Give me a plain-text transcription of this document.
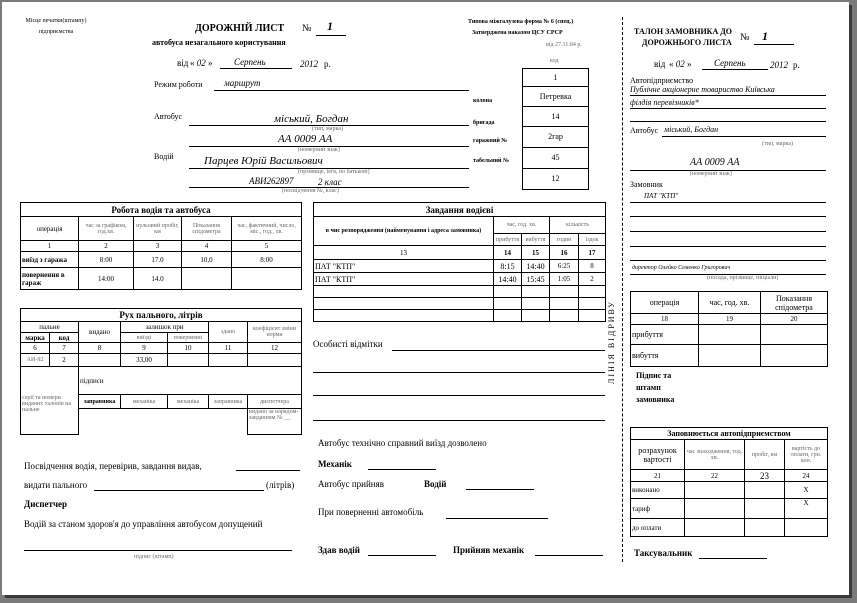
Місце печатки(штампу)
підприємства	ДОРОЖНІЙ ЛИСТ № 1
автобуса незагального користування
Типова міжгалузева форма № 6 (спец.)
Затверджена наказом ЦСУ СРСР
від 27.11.84 р.
код
від « 02 » Серпень	2012 р.
Режим роботи маршрут
Автобус	міський, Богдан
(тип, марка)
АА 0009 АА
(номерний знак)
Водій	Парцев Юрій Васильович
(прізвище, ім'я, по батькові)
АВИ262897	2 клас
(посвідчення №, клас)
колона
бригада
гаражний №
табельний №
1
Петревка
14
2гар
45
12
Робота водія та автобуса				
операція	час за графіком, год.хв.	нульовий пробіг, км	Показання спідометра	час, фактичний, число, міс., год., хв.
1	2	3	4	5
виїзд з гаража	8:00	17.0	10,0	8:00
повернення в гараж	14:00	14.0		
Рух пального, літрів						
пальне		видано	залишок при		здано	коефіцієнт зміни норми
марка	код		виїзді	поверненні		
6	7	8	9	10	11	12
АИ-92	2		33,00			
		підписи				
серії та номери виданих талонів на пальне		заправника	механіка	механіка	заправника	диспетчера
						видано за нарядом-завданням № __
Завдання водієві				
в чиє розпорядження (найменування і адреса замовника)	час, год. хв.		кількість	
	прибуття	вибуття	годин	їздок
13	14	15	16	17
ПАТ "КТП"	8:15	14:40	6:25	8
ПАТ "КТП"	14:40	15:45	1:05	2

Особисті відмітки
Посвідчення водія, перевірив, завдання видав,
видати пального	(літрів)
Диспетчер
Водій за станом здоров'я до управління автобусом допущений
підпис (штамп)
Автобус технічно справний виїзд дозволено
Механік
Автобус прийняв	Водій
При поверненні автомобіль
Здав водій	Прийняв механік
ЛІНІЯ ВІДРИВУ
ТАЛОН ЗАМОВНИКА ДО
ДОРОЖНЬОГО ЛИСТА № 1
від « 02 »	Серпень	2012 р.
Автопідприємство
Публічне акціонерне товариство Київська
філдія перевізників*
Автобус міський, Богдан
(тип, марка)
АА 0009 АА
(номерний знак)
Замовник
ПАТ "КТП"
директор Олейко Семенко Григорович
(посада, прізвище, ініціали)
операція	час, год. хв.	Показання спідометра
18	19	20
прибуття		
вибуття		
Підпис та
штамп
замовника
Заповнюється автопідприємством			
розрахунок вартості	час знаходження, год. хв.	пробіг, км	вартість до оплати, грн. коп.
21	22	23	24
виконано			X
тариф			X
до оплати			
Таксувальник
